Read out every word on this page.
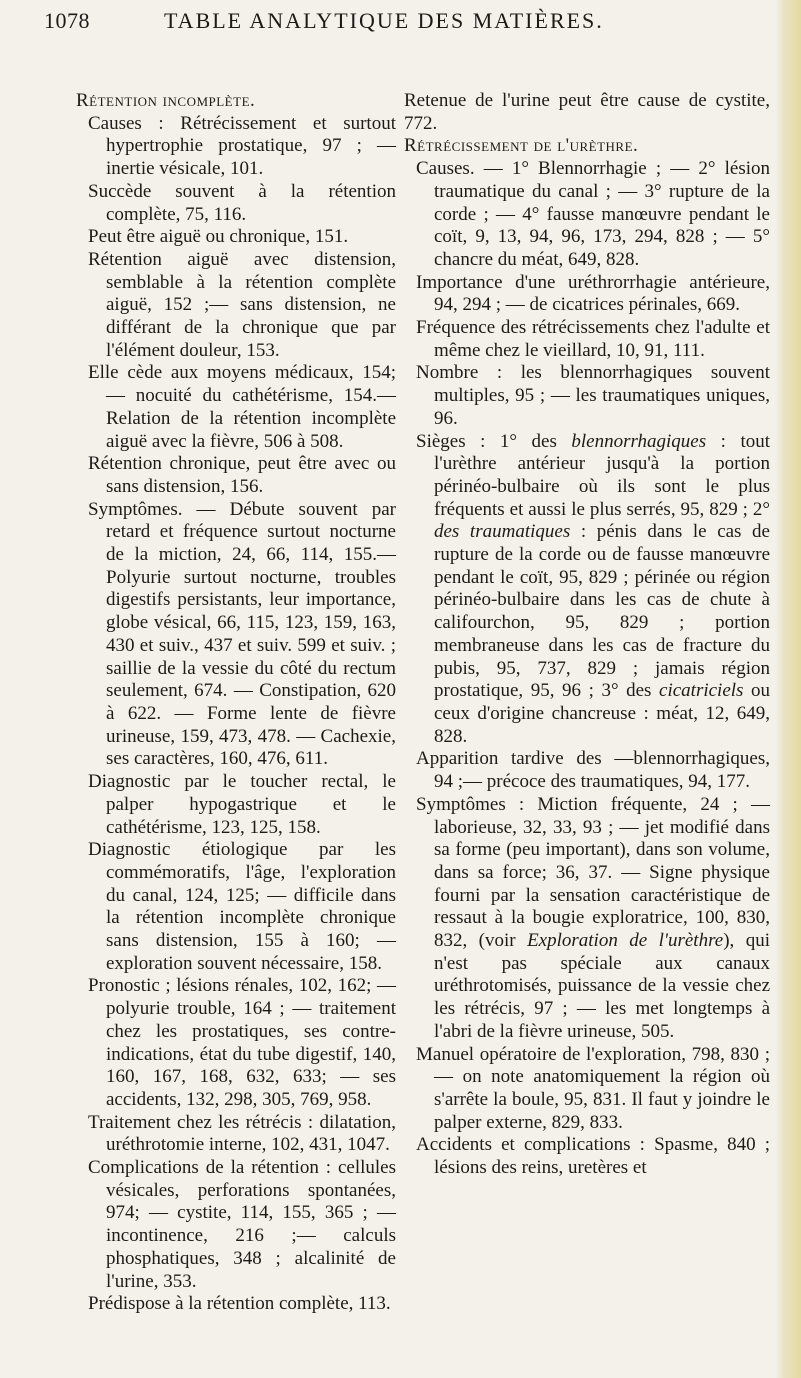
1078	TABLE ANALYTIQUE DES MATIÈRES.
Rétention incomplète.
Causes : Rétrécissement et surtout hypertrophie prostatique, 97 ; — inertie vésicale, 101.
Succède souvent à la rétention complète, 75, 116.
Peut être aiguë ou chronique, 151.
Rétention aiguë avec distension, semblable à la rétention complète aiguë, 152 ;— sans distension, ne différant de la chronique que par l'élément douleur, 153.
Elle cède aux moyens médicaux, 154; — nocuité du cathétérisme, 154.— Relation de la rétention incomplète aiguë avec la fièvre, 506 à 508.
Rétention chronique, peut être avec ou sans distension, 156.
Symptômes. — Débute souvent par retard et fréquence surtout nocturne de la miction, 24, 66, 114, 155.— Polyurie surtout nocturne, troubles digestifs persistants, leur importance, globe vésical, 66, 115, 123, 159, 163, 430 et suiv., 437 et suiv. 599 et suiv. ; saillie de la vessie du côté du rectum seulement, 674. — Constipation, 620 à 622. — Forme lente de fièvre urineuse, 159, 473, 478. — Cachexie, ses caractères, 160, 476, 611.
Diagnostic par le toucher rectal, le palper hypogastrique et le cathétérisme, 123, 125, 158.
Diagnostic étiologique par les commémoratifs, l'âge, l'exploration du canal, 124, 125; — difficile dans la rétention incomplète chronique sans distension, 155 à 160; — exploration souvent nécessaire, 158.
Pronostic ; lésions rénales, 102, 162; — polyurie trouble, 164 ; — traitement chez les prostatiques, ses contre-indications, état du tube digestif, 140, 160, 167, 168, 632, 633; — ses accidents, 132, 298, 305, 769, 958.
Traitement chez les rétrécis : dilatation, uréthrotomie interne, 102, 431, 1047.
Complications de la rétention : cellules vésicales, perforations spontanées, 974; — cystite, 114, 155, 365 ; — incontinence, 216 ;— calculs phosphatiques, 348 ; alcalinité de l'urine, 353.
Prédispose à la rétention complète, 113.
Retenue de l'urine peut être cause de cystite, 772.
Rétrécissement de l'urèthre.
Causes. — 1° Blennorrhagie ; — 2° lésion traumatique du canal ; — 3° rupture de la corde ; — 4° fausse manœuvre pendant le coït, 9, 13, 94, 96, 173, 294, 828 ; — 5° chancre du méat, 649, 828.
Importance d'une uréthrorrhagie antérieure, 94, 294 ; — de cicatrices périnales, 669.
Fréquence des rétrécissements chez l'adulte et même chez le vieillard, 10, 91, 111.
Nombre : les blennorrhagiques souvent multiples, 95 ; — les traumatiques uniques, 96.
Sièges : 1° des blennorrhagiques : tout l'urèthre antérieur jusqu'à la portion périnéo-bulbaire où ils sont le plus fréquents et aussi le plus serrés, 95, 829 ; 2° des traumatiques : pénis dans le cas de rupture de la corde ou de fausse manœuvre pendant le coït, 95, 829 ; périnée ou région périnéo-bulbaire dans les cas de chute à califourchon, 95, 829 ; portion membraneuse dans les cas de fracture du pubis, 95, 737, 829 ; jamais région prostatique, 95, 96 ; 3° des cicatriciels ou ceux d'origine chancreuse : méat, 12, 649, 828.
Apparition tardive des —blennorrhagiques, 94 ;— précoce des traumatiques, 94, 177.
Symptômes : Miction fréquente, 24 ; — laborieuse, 32, 33, 93 ; — jet modifié dans sa forme (peu important), dans son volume, dans sa force; 36, 37. — Signe physique fourni par la sensation caractéristique de ressaut à la bougie exploratrice, 100, 830, 832, (voir Exploration de l'urèthre), qui n'est pas spéciale aux canaux uréthrotomisés, puissance de la vessie chez les rétrécis, 97 ; — les met longtemps à l'abri de la fièvre urineuse, 505.
Manuel opératoire de l'exploration, 798, 830 ; — on note anatomiquement la région où s'arrête la boule, 95, 831. Il faut y joindre le palper externe, 829, 833.
Accidents et complications : Spasme, 840 ; lésions des reins, uretères et
